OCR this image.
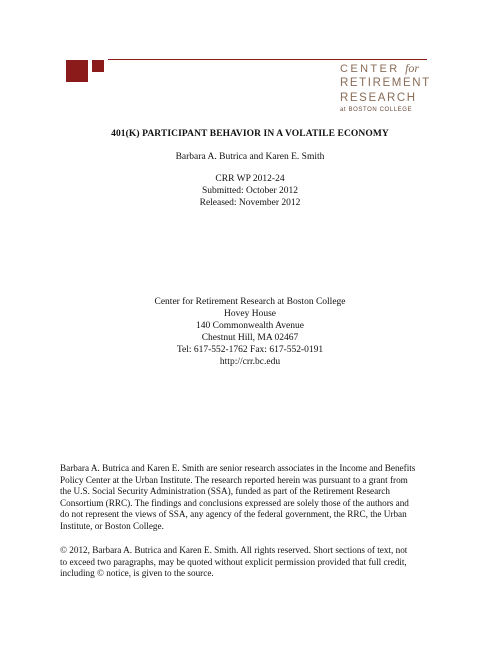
CENTER for
RETIREMENT
RESEARCH
at BOSTON COLLEGE
401(K) PARTICIPANT BEHAVIOR IN A VOLATILE ECONOMY
Barbara A. Butrica and Karen E. Smith
CRR WP 2012-24
Submitted: October 2012
Released: November 2012
Center for Retirement Research at Boston College
Hovey House
140 Commonwealth Avenue
Chestnut Hill, MA 02467
Tel: 617-552-1762 Fax: 617-552-0191
http://crr.bc.edu
Barbara A. Butrica and Karen E. Smith are senior research associates in the Income and Benefits
Policy Center at the Urban Institute. The research reported herein was pursuant to a grant from
the U.S. Social Security Administration (SSA), funded as part of the Retirement Research
Consortium (RRC). The findings and conclusions expressed are solely those of the authors and
do not represent the views of SSA, any agency of the federal government, the RRC, the Urban
Institute, or Boston College.
© 2012, Barbara A. Butrica and Karen E. Smith. All rights reserved. Short sections of text, not
to exceed two paragraphs, may be quoted without explicit permission provided that full credit,
including © notice, is given to the source.
